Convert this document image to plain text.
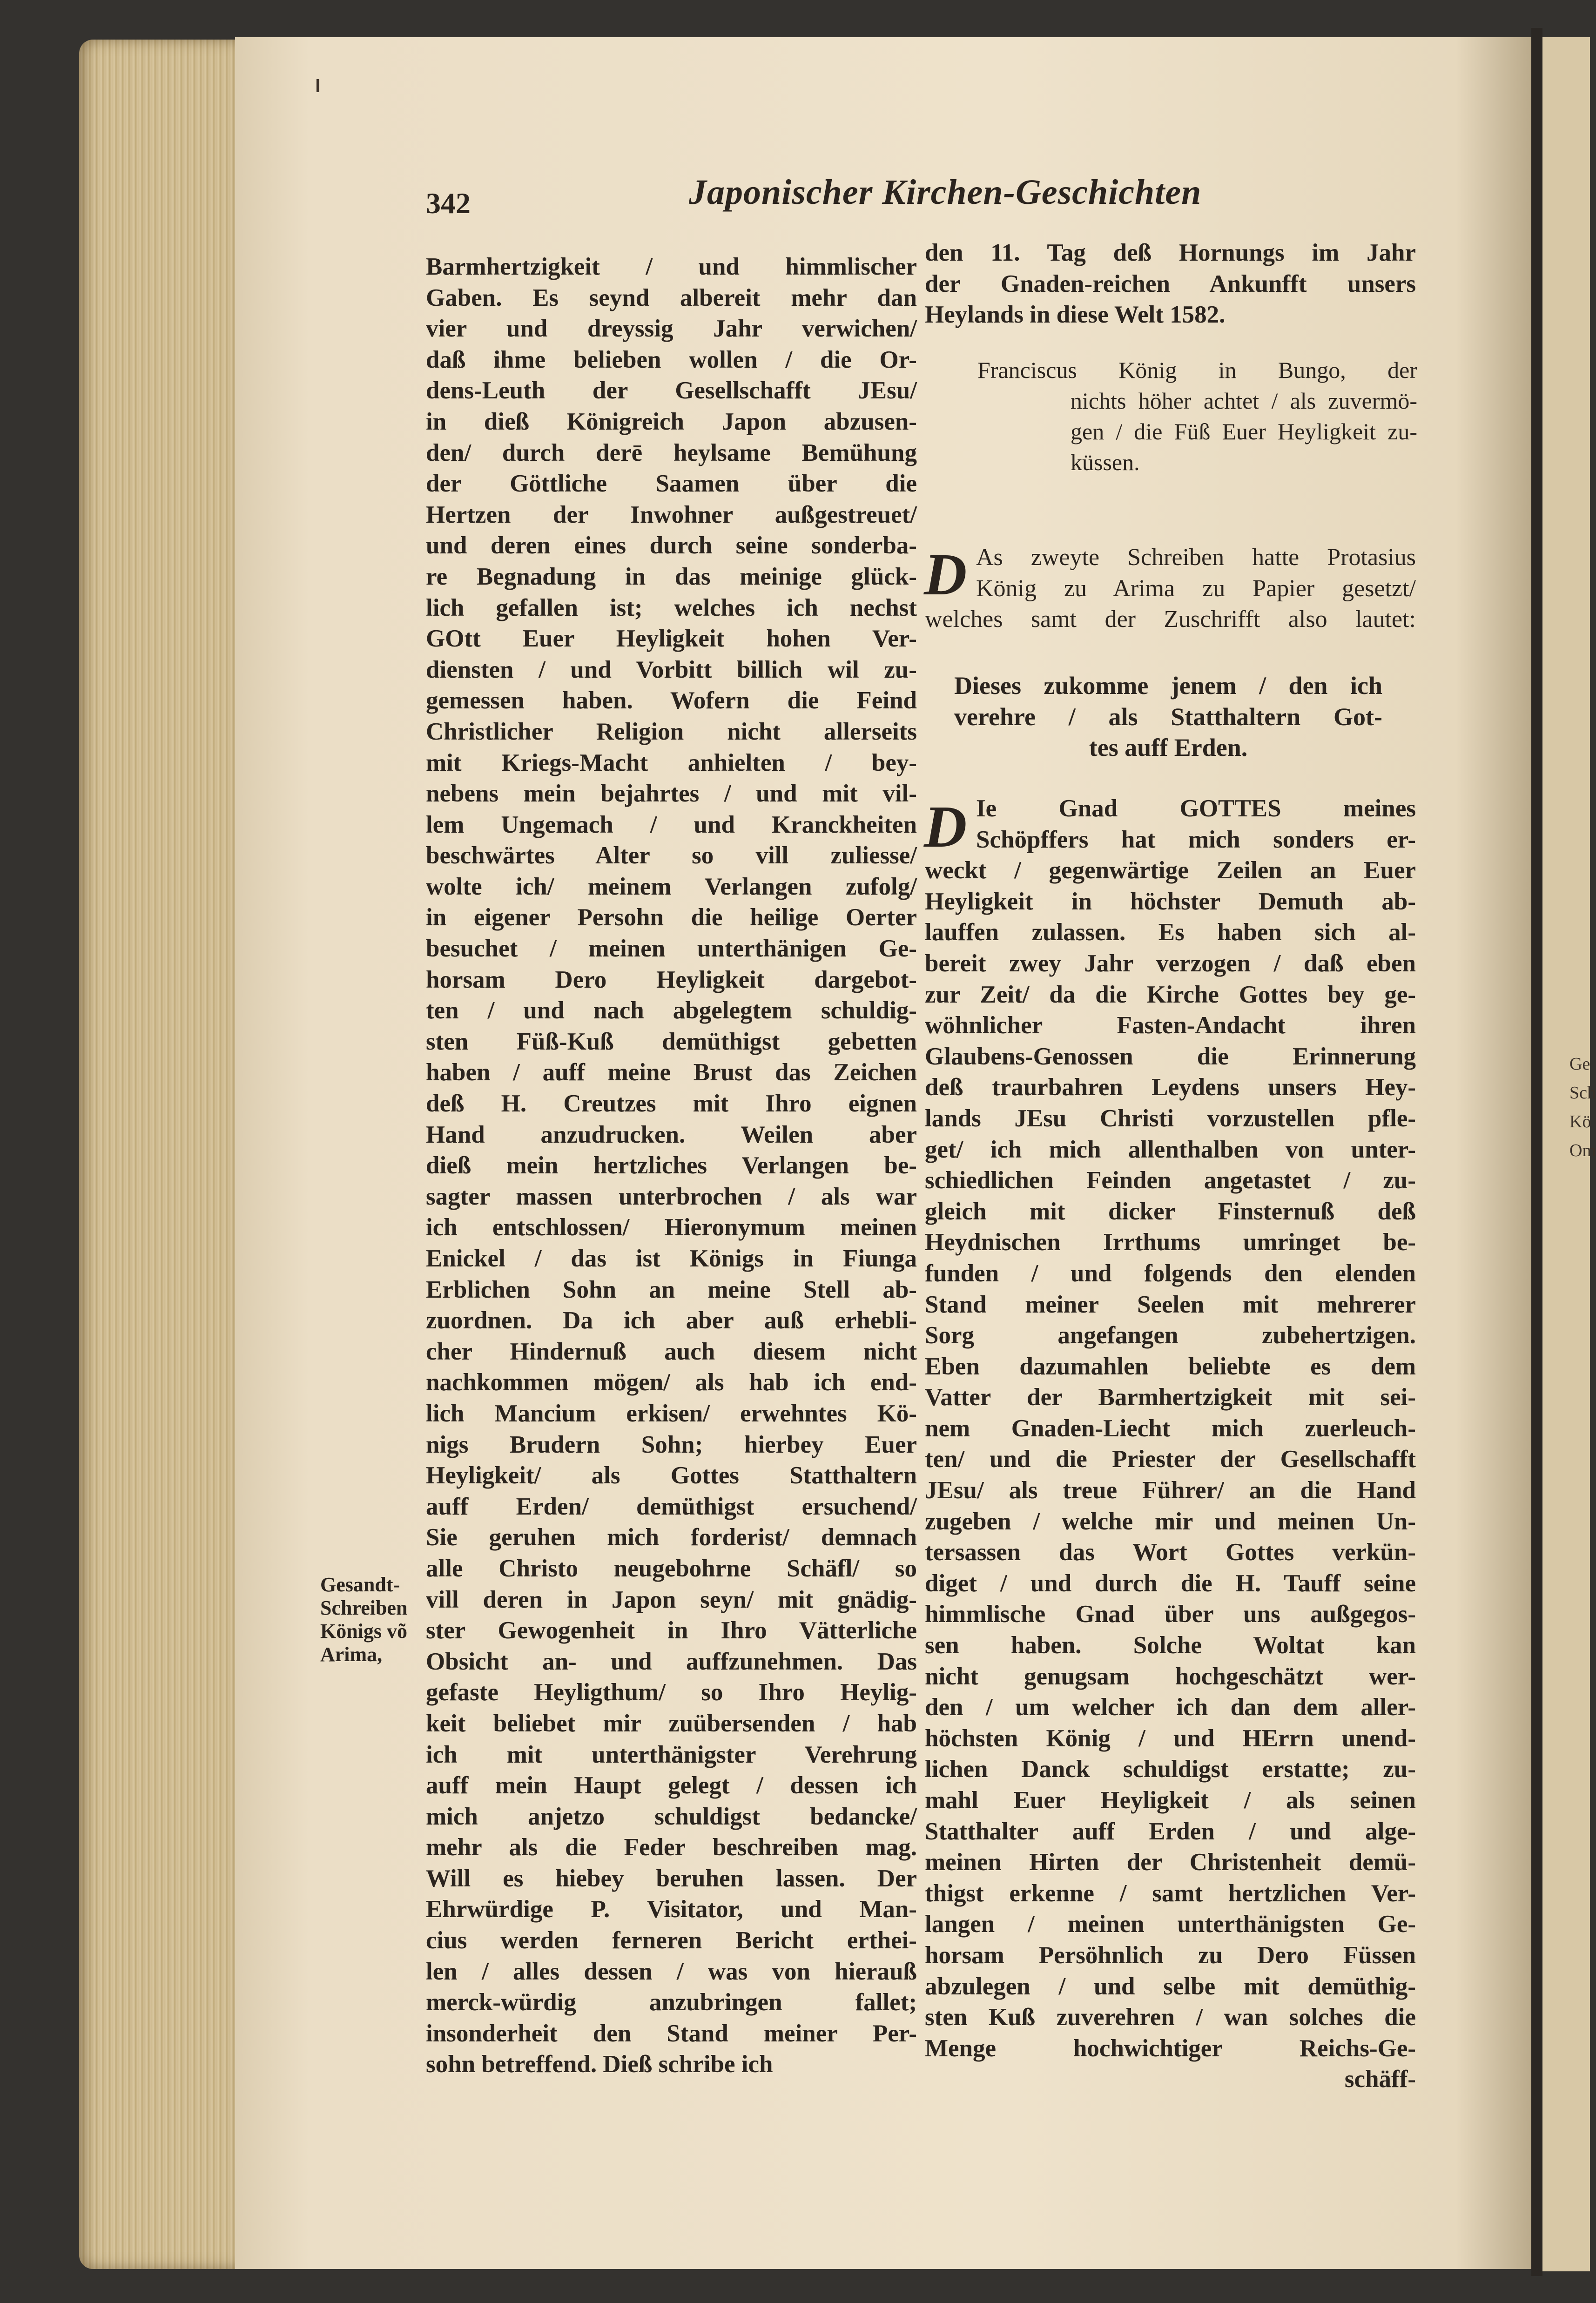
342	Japonischer Kirchen-Geschichten
Barmhertzigkeit / und himmlischer
Gaben. Es seynd albereit mehr dan
vier und dreyssig Jahr verwichen/
daß ihme belieben wollen / die Or-
dens-Leuth der Gesellschafft JEsu/
in dieß Königreich Japon abzusen-
den/ durch derē heylsame Bemühung
der Göttliche Saamen über die
Hertzen der Inwohner außgestreuet/
und deren eines durch seine sonderba-
re Begnadung in das meinige glück-
lich gefallen ist; welches ich nechst
GOtt Euer Heyligkeit hohen Ver-
diensten / und Vorbitt billich wil zu-
gemessen haben. Wofern die Feind
Christlicher Religion nicht allerseits
mit Kriegs-Macht anhielten / bey-
nebens mein bejahrtes / und mit vil-
lem Ungemach / und Kranckheiten
beschwärtes Alter so vill zuliesse/
wolte ich/ meinem Verlangen zufolg/
in eigener Persohn die heilige Oerter
besuchet / meinen unterthänigen Ge-
horsam Dero Heyligkeit dargebot-
ten / und nach abgelegtem schuldig-
sten Füß-Kuß demüthigst gebetten
haben / auff meine Brust das Zeichen
deß H. Creutzes mit Ihro eignen
Hand anzudrucken. Weilen aber
dieß mein hertzliches Verlangen be-
sagter massen unterbrochen / als war
ich entschlossen/ Hieronymum meinen
Enickel / das ist Königs in Fiunga
Erblichen Sohn an meine Stell ab-
zuordnen. Da ich aber auß erhebli-
cher Hindernuß auch diesem nicht
nachkommen mögen/ als hab ich end-
lich Mancium erkisen/ erwehntes Kö-
nigs Brudern Sohn; hierbey Euer
Heyligkeit/ als Gottes Statthaltern
auff Erden/ demüthigst ersuchend/
Sie geruhen mich forderist/ demnach
alle Christo neugebohrne Schäfl/ so
vill deren in Japon seyn/ mit gnädig-
ster Gewogenheit in Ihro Vätterliche
Obsicht an- und auffzunehmen. Das
gefaste Heyligthum/ so Ihro Heylig-
keit beliebet mir zuübersenden / hab
ich mit unterthänigster Verehrung
auff mein Haupt gelegt / dessen ich
mich anjetzo schuldigst bedancke/
mehr als die Feder beschreiben mag.
Will es hiebey beruhen lassen. Der
Ehrwürdige P. Visitator, und Man-
cius werden ferneren Bericht erthei-
len / alles dessen / was von hierauß
merck-würdig anzubringen fallet;
insonderheit den Stand meiner Per-
sohn betreffend. Dieß schribe ich
den 11. Tag deß Hornungs im Jahr
der Gnaden-reichen Ankunfft unsers
Heylands in diese Welt 1582.
Franciscus König in Bungo, der
nichts höher achtet / als zuvermö-
gen / die Füß Euer Heyligkeit zu-
küssen.
D As zweyte Schreiben hatte Protasius
König zu Arima zu Papier gesetzt/
welches samt der Zuschrifft also lautet:
Dieses zukomme jenem / den ich
verehre / als Statthaltern Got-
tes auff Erden.
D Ie Gnad GOTTES meines
Schöpffers hat mich sonders er-
weckt / gegenwärtige Zeilen an Euer
Heyligkeit in höchster Demuth ab-
lauffen zulassen. Es haben sich al-
bereit zwey Jahr verzogen / daß eben
zur Zeit/ da die Kirche Gottes bey ge-
wöhnlicher Fasten-Andacht ihren
Glaubens-Genossen die Erinnerung
deß traurbahren Leydens unsers Hey-
lands JEsu Christi vorzustellen pfle-
get/ ich mich allenthalben von unter-
schiedlichen Feinden angetastet / zu-
gleich mit dicker Finsternuß deß
Heydnischen Irrthums umringet be-
funden / und folgends den elenden
Stand meiner Seelen mit mehrerer
Sorg angefangen zubehertzigen.
Eben dazumahlen beliebte es dem
Vatter der Barmhertzigkeit mit sei-
nem Gnaden-Liecht mich zuerleuch-
ten/ und die Priester der Gesellschafft
JEsu/ als treue Führer/ an die Hand
zugeben / welche mir und meinen Un-
tersassen das Wort Gottes verkün-
diget / und durch die H. Tauff seine
himmlische Gnad über uns außgegos-
sen haben. Solche Woltat kan
nicht genugsam hochgeschätzt wer-
den / um welcher ich dan dem aller-
höchsten König / und HErrn unend-
lichen Danck schuldigst erstatte; zu-
mahl Euer Heyligkeit / als seinen
Statthalter auff Erden / und alge-
meinen Hirten der Christenheit demü-
thigst erkenne / samt hertzlichen Ver-
langen / meinen unterthänigsten Ge-
horsam Persöhnlich zu Dero Füssen
abzulegen / und selbe mit demüthig-
sten Kuß zuverehren / wan solches die
Menge hochwichtiger Reichs-Ge-
schäff-
Gesandt-
Schreiben
Königs võ
Arima,
Ge
Sch
Kö
Om
